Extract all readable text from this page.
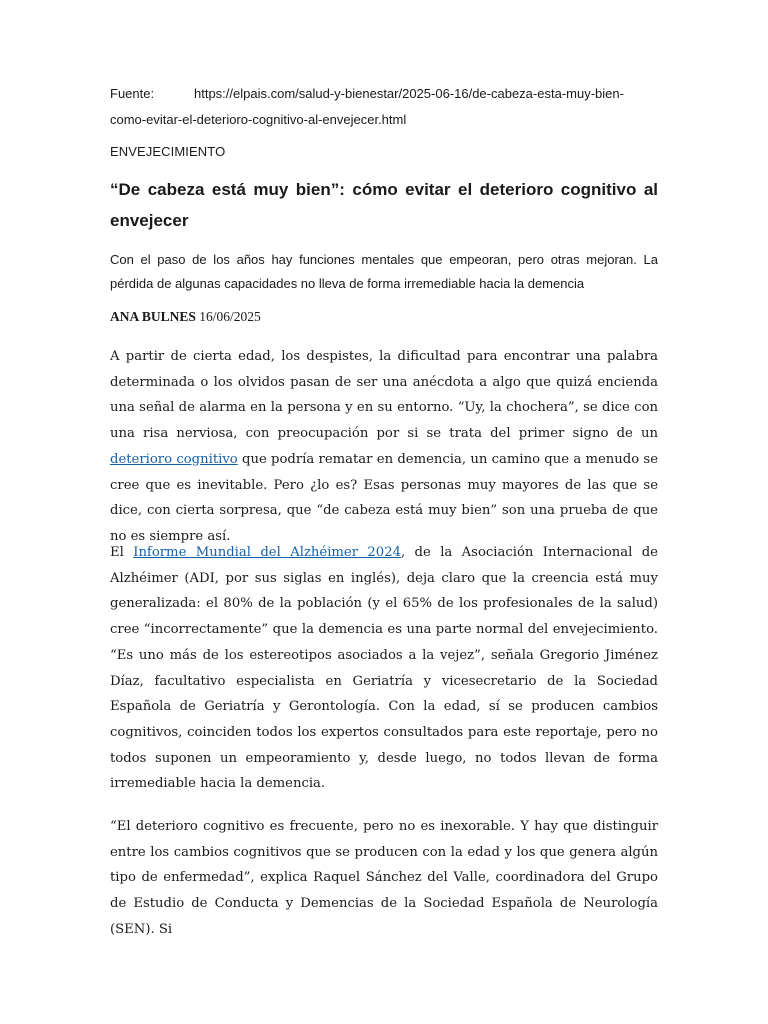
Fuente:	https://elpais.com/salud-y-bienestar/2025-06-16/de-cabeza-esta-muy-bien-como-evitar-el-deterioro-cognitivo-al-envejecer.html
ENVEJECIMIENTO
“De cabeza está muy bien”: cómo evitar el deterioro cognitivo al envejecer

Con el paso de los años hay funciones mentales que empeoran, pero otras mejoran. La pérdida de algunas capacidades no lleva de forma irremediable hacia la demencia

ANA BULNES 16/06/2025

A partir de cierta edad, los despistes, la dificultad para encontrar una palabra determinada o los olvidos pasan de ser una anécdota a algo que quizá encienda una señal de alarma en la persona y en su entorno. “Uy, la chochera”, se dice con una risa nerviosa, con preocupación por si se trata del primer signo de un deterioro cognitivo que podría rematar en demencia, un camino que a menudo se cree que es inevitable. Pero ¿lo es? Esas personas muy mayores de las que se dice, con cierta sorpresa, que “de cabeza está muy bien” son una prueba de que no es siempre así.

El Informe Mundial del Alzhéimer 2024, de la Asociación Internacional de Alzhéimer (ADI, por sus siglas en inglés), deja claro que la creencia está muy generalizada: el 80% de la población (y el 65% de los profesionales de la salud) cree “incorrectamente” que la demencia es una parte normal del envejecimiento. “Es uno más de los estereotipos asociados a la vejez”, señala Gregorio Jiménez Díaz, facultativo especialista en Geriatría y vicesecretario de la Sociedad Española de Geriatría y Gerontología. Con la edad, sí se producen cambios cognitivos, coinciden todos los expertos consultados para este reportaje, pero no todos suponen un empeoramiento y, desde luego, no todos llevan de forma irremediable hacia la demencia.

“El deterioro cognitivo es frecuente, pero no es inexorable. Y hay que distinguir entre los cambios cognitivos que se producen con la edad y los que genera algún tipo de enfermedad”, explica Raquel Sánchez del Valle, coordinadora del Grupo de Estudio de Conducta y Demencias de la Sociedad Española de Neurología (SEN). Si
